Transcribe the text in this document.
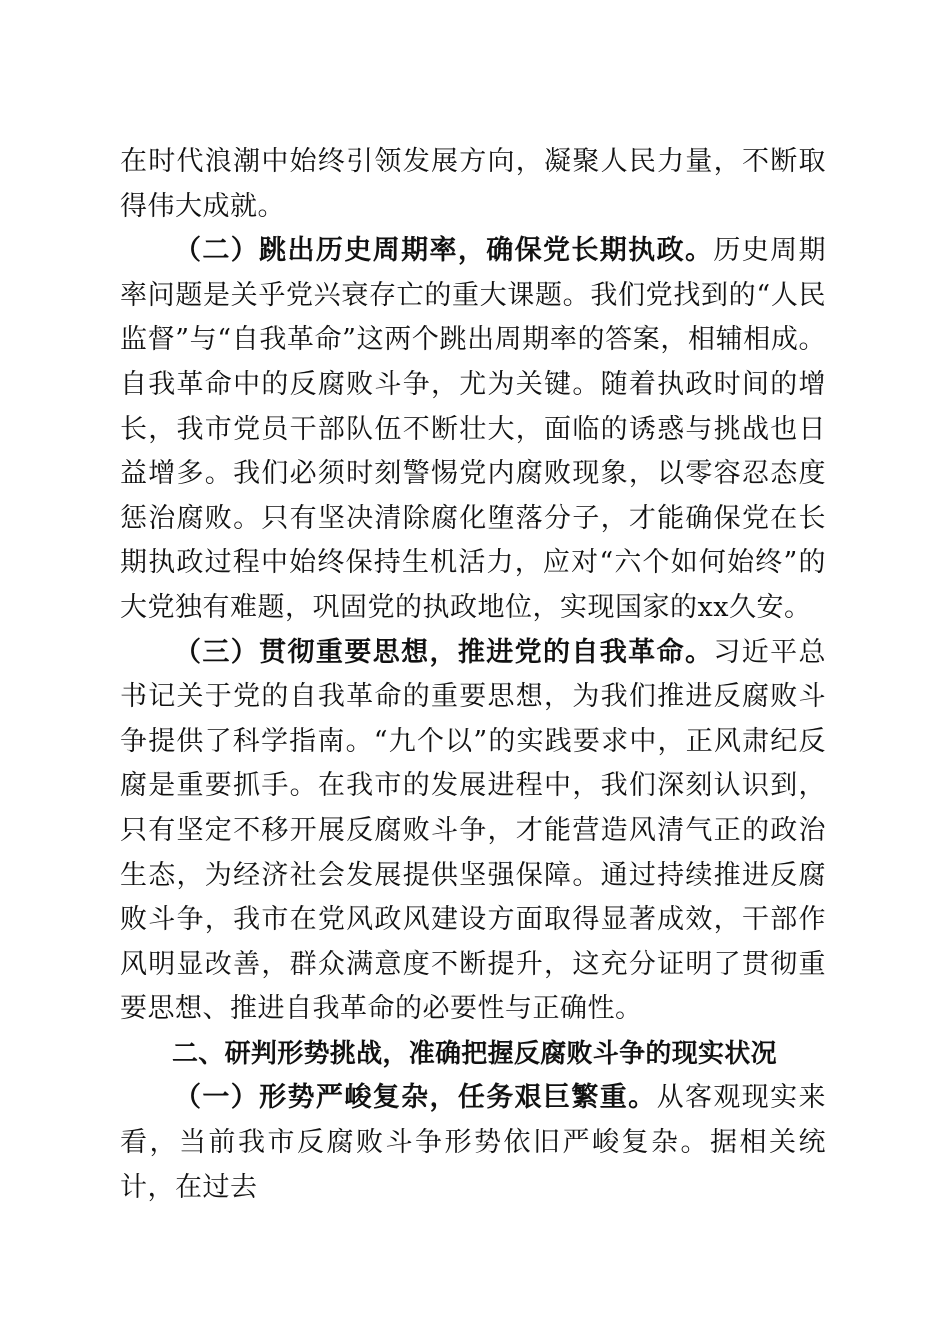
在时代浪潮中始终引领发展方向，凝聚人民力量，不断取得伟大成就。

（二）跳出历史周期率，确保党长期执政。历史周期率问题是关乎党兴衰存亡的重大课题。我们党找到的“人民监督”与“自我革命”这两个跳出周期率的答案，相辅相成。自我革命中的反腐败斗争，尤为关键。随着执政时间的增长，我市党员干部队伍不断壮大，面临的诱惑与挑战也日益增多。我们必须时刻警惕党内腐败现象，以零容忍态度惩治腐败。只有坚决清除腐化堕落分子，才能确保党在长期执政过程中始终保持生机活力，应对“六个如何始终”的大党独有难题，巩固党的执政地位，实现国家的xx久安。

（三）贯彻重要思想，推进党的自我革命。习近平总书记关于党的自我革命的重要思想，为我们推进反腐败斗争提供了科学指南。“九个以”的实践要求中，正风肃纪反腐是重要抓手。在我市的发展进程中，我们深刻认识到，只有坚定不移开展反腐败斗争，才能营造风清气正的政治生态，为经济社会发展提供坚强保障。通过持续推进反腐败斗争，我市在党风政风建设方面取得显著成效，干部作风明显改善，群众满意度不断提升，这充分证明了贯彻重要思想、推进自我革命的必要性与正确性。

二、研判形势挑战，准确把握反腐败斗争的现实状况

（一）形势严峻复杂，任务艰巨繁重。从客观现实来看，当前我市反腐败斗争形势依旧严峻复杂。据相关统计，在过去
